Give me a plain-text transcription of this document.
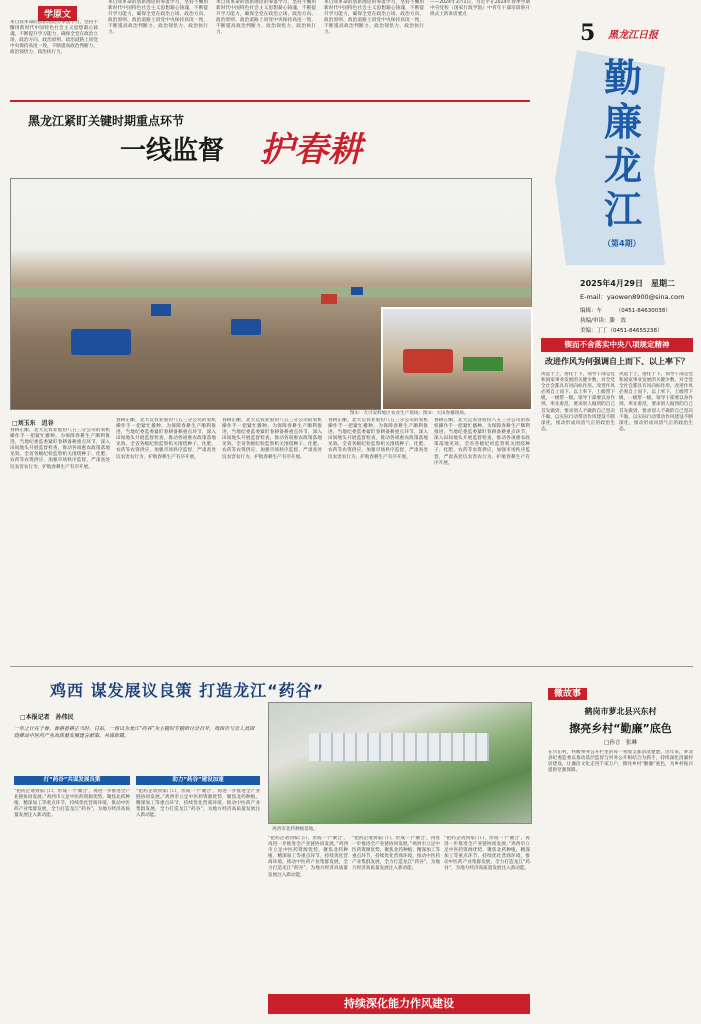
学原文
革自我革命的创新理论的零落学习，坚持不懈用新时代中国特色社会主义思想凝心铸魂，不断提升学习能力，确保全党在政治立场、政治方向、政治原则、政治道路上同党中央保持高度一致，不断提高政治判断力、政治领悟力、政治执行力。
革自我革命的创新理论的零落学习，坚持不懈用新时代中国特色社会主义思想凝心铸魂，不断提升学习能力，确保全党在政治立场、政治方向、政治原则、政治道路上同党中央保持高度一致，不断提高政治判断力、政治领悟力、政治执行力。
革自我革命的创新理论的零落学习，坚持不懈用新时代中国特色社会主义思想凝心铸魂，不断提升学习能力，确保全党在政治立场、政治方向、政治原则、政治道路上同党中央保持高度一致，不断提高政治判断力、政治领悟力、政治执行力。
革自我革命的创新理论的零落学习，坚持不懈用新时代中国特色社会主义思想凝心铸魂，不断提升学习能力，确保全党在政治立场、政治方向、政治原则、政治道路上同党中央保持高度一致，不断提高政治判断力、政治领悟力、政治执行力。
——2024年3月1日，习近平在2024年春季学期中央党校（国家行政学院）中青年干部培训班开班式上的讲话要点
5 黑龙江日报
勤廉龙江
（第4期）
2025年4月29日　星期二
E-mail：yaowen8900@sina.com
编辑：车　　　（0451-84630038）
执编/审读：滕　效
美编：丁丁（0451-84655238）
黑龙江紧盯关键时期重点环节
一线监督 护春耕
图①：大兴安岭地区农业生产现场；图②：大田春播现场。
□刘玉东　迟谷
春耕正酣，北大荒农业股份八五三分公司的农机操作手一把紧忙播种。为保障春耕生产顺利推进，当地纪委监委紧盯春耕备耕重点环节，深入田间地头开展监督检查，推动各项惠农政策落地见效。全省各级纪检监察机关围绕种子、化肥、农药等农资供应，加强市场秩序监督，严肃查处坑农害农行为，护航春耕生产有序开展。
春耕正酣，北大荒农业股份八五三分公司的农机操作手一把紧忙播种。为保障春耕生产顺利推进，当地纪委监委紧盯春耕备耕重点环节，深入田间地头开展监督检查，推动各项惠农政策落地见效。全省各级纪检监察机关围绕种子、化肥、农药等农资供应，加强市场秩序监督，严肃查处坑农害农行为，护航春耕生产有序开展。
春耕正酣，北大荒农业股份八五三分公司的农机操作手一把紧忙播种。为保障春耕生产顺利推进，当地纪委监委紧盯春耕备耕重点环节，深入田间地头开展监督检查，推动各项惠农政策落地见效。全省各级纪检监察机关围绕种子、化肥、农药等农资供应，加强市场秩序监督，严肃查处坑农害农行为，护航春耕生产有序开展。
春耕正酣，北大荒农业股份八五三分公司的农机操作手一把紧忙播种。为保障春耕生产顺利推进，当地纪委监委紧盯春耕备耕重点环节，深入田间地头开展监督检查，推动各项惠农政策落地见效。全省各级纪检监察机关围绕种子、化肥、农药等农资供应，加强市场秩序监督，严肃查处坑农害农行为，护航春耕生产有序开展。
春耕正酣，北大荒农业股份八五三分公司的农机操作手一把紧忙播种。为保障春耕生产顺利推进，当地纪委监委紧盯春耕备耕重点环节，深入田间地头开展监督检查，推动各项惠农政策落地见效。全省各级纪检监察机关围绕种子、化肥、农药等农资供应，加强市场秩序监督，严肃查处坑农害农行为，护航春耕生产有序开展。
锲而不舍落实中央八项规定精神
改进作风为何强调自上而下、以上率下？
风起于上，俗化于下。领导干部是党和国家事业发展的关键少数，对全党全社会都具有风向标作用。改进作风必须自上而下、以上率下，上级带下级，一级带一级。领导干部要以身作则、率先垂范，要求别人做到的自己首先做到，要求别人不做的自己坚决不做，以实际行动带动作风建设不断深化，推动形成风清气正的政治生态。
风起于上，俗化于下。领导干部是党和国家事业发展的关键少数，对全党全社会都具有风向标作用。改进作风必须自上而下、以上率下，上级带下级，一级带一级。领导干部要以身作则、率先垂范，要求别人做到的自己首先做到，要求别人不做的自己坚决不做，以实际行动带动作风建设不断深化，推动形成风清气正的政治生态。
鸡西 谋发展议良策 打造龙江“药谷”
□本报记者　孙伟民
一年之计在于春。春耕备耕正当时。日前，一场以为龙江“药谷”为主题的专题研讨会召开，鸡西市与会人员围绕推动中医药产业高质量发展建言献策、共谋新篇。
打“药谷”共谋发展良策
“把药企请到家门口，形成一个‘聚合’，再进一步推进全产业链协同发展。”鸡西市立足中医药资源优势，聚焦北药种植、精深加工等重点环节，持续优化营商环境，推动中医药产业集群发展，全力打造龙江“药谷”，为地方经济高质量发展注入新动能。
助力“药谷”建设加速
“把药企请到家门口，形成一个‘聚合’，再进一步推进全产业链协同发展。”鸡西市立足中医药资源优势，聚焦北药种植、精深加工等重点环节，持续优化营商环境，推动中医药产业集群发展，全力打造龙江“药谷”，为地方经济高质量发展注入新动能。
鸡西市北药种植基地。
“把药企请到家门口，形成一个‘聚合’，再进一步推进全产业链协同发展。”鸡西市立足中医药资源优势，聚焦北药种植、精深加工等重点环节，持续优化营商环境，推动中医药产业集群发展，全力打造龙江“药谷”，为地方经济高质量发展注入新动能。
“把药企请到家门口，形成一个‘聚合’，再进一步推进全产业链协同发展。”鸡西市立足中医药资源优势，聚焦北药种植、精深加工等重点环节，持续优化营商环境，推动中医药产业集群发展，全力打造龙江“药谷”，为地方经济高质量发展注入新动能。
“把药企请到家门口，形成一个‘聚合’，再进一步推进全产业链协同发展。”鸡西市立足中医药资源优势，聚焦北药种植、精深加工等重点环节，持续优化营商环境，推动中医药产业集群发展，全力打造龙江“药谷”，为地方经济高质量发展注入新动能。
持续深化能力作风建设
微故事
鹤岗市萝北县兴东村
擦亮乡村“勤廉”底色
□孙言　张琳
在兴东村，村级事务公开栏里的每一笔收支都清清楚楚。近年来，萝北县纪委监委以推动基层监督与村务公开相结合为抓手，持续深化清廉村居建设，让廉洁文化走进千家万户，擦亮乡村“勤廉”底色，为乡村振兴提供坚强保障。
